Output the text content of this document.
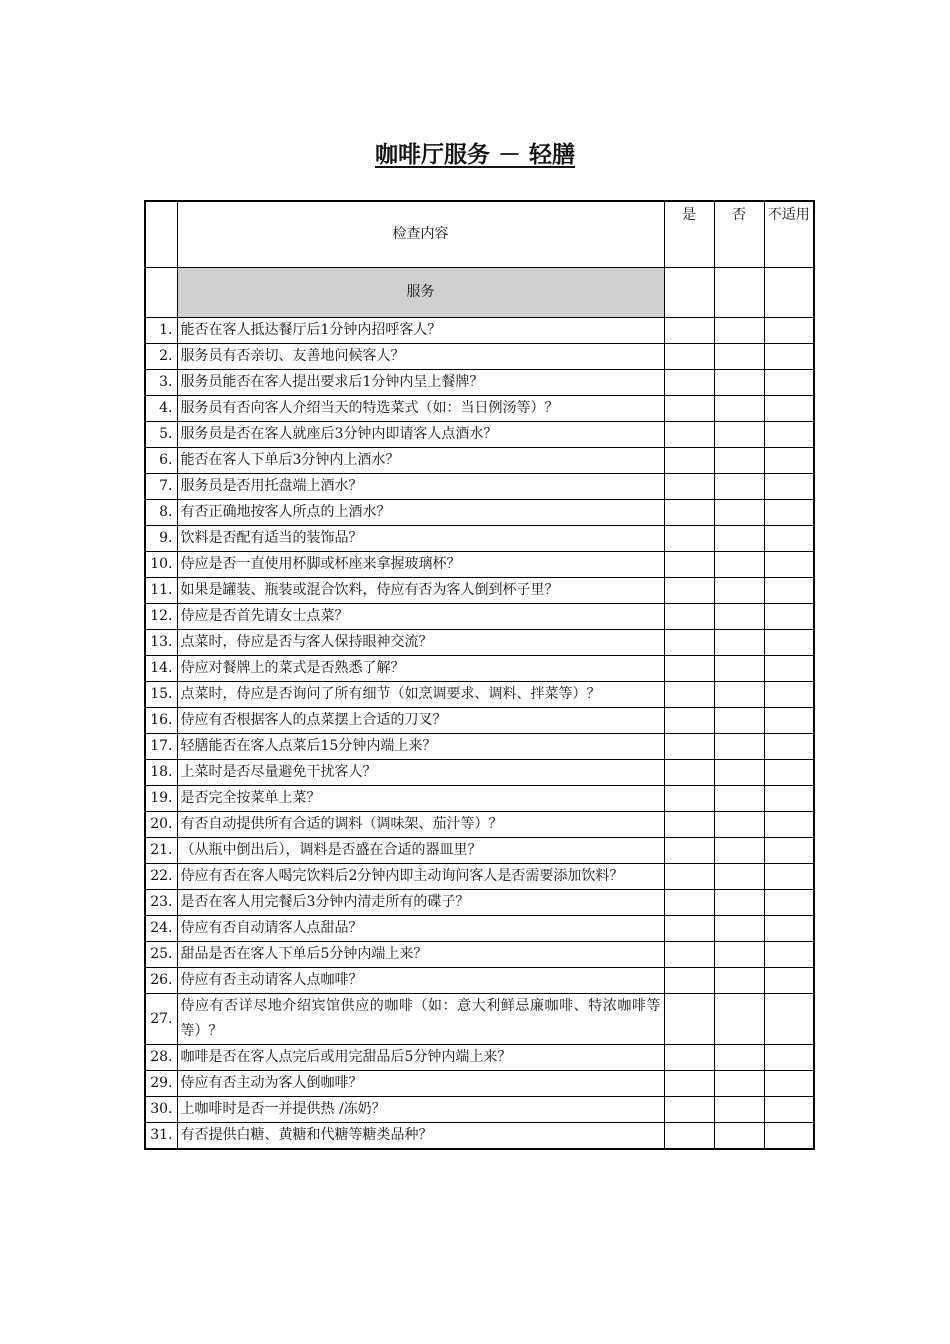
咖啡厅服务 － 轻膳
	检查内容	是	否	不适用
	服务			
1.	能否在客人抵达餐厅后1分钟内招呼客人？			
2.	服务员有否亲切、友善地问候客人？			
3.	服务员能否在客人提出要求后1分钟内呈上餐牌？			
4.	服务员有否向客人介绍当天的特选菜式（如：当日例汤等）？			
5.	服务员是否在客人就座后3分钟内即请客人点酒水？			
6.	能否在客人下单后3分钟内上酒水？			
7.	服务员是否用托盘端上酒水？			
8.	有否正确地按客人所点的上酒水？			
9.	饮料是否配有适当的装饰品？			
10.	侍应是否一直使用杯脚或杯座来拿握玻璃杯？			
11.	如果是罐装、瓶装或混合饮料，侍应有否为客人倒到杯子里？			
12.	侍应是否首先请女士点菜？			
13.	点菜时，侍应是否与客人保持眼神交流？			
14.	侍应对餐牌上的菜式是否熟悉了解？			
15.	点菜时，侍应是否询问了所有细节（如烹调要求、调料、拌菜等）？			
16.	侍应有否根据客人的点菜摆上合适的刀叉？			
17.	轻膳能否在客人点菜后15分钟内端上来？			
18.	上菜时是否尽量避免干扰客人？			
19.	是否完全按菜单上菜？			
20.	有否自动提供所有合适的调料（调味架、茄汁等）？			
21.	（从瓶中倒出后），调料是否盛在合适的器皿里？			
22.	侍应有否在客人喝完饮料后2分钟内即主动询问客人是否需要添加饮料？			
23.	是否在客人用完餐后3分钟内清走所有的碟子？			
24.	侍应有否自动请客人点甜品？			
25.	甜品是否在客人下单后5分钟内端上来？			
26.	侍应有否主动请客人点咖啡？			
27.	侍应有否详尽地介绍宾馆供应的咖啡（如：意大利鲜忌廉咖啡、特浓咖啡等等）？			
28.	咖啡是否在客人点完后或用完甜品后5分钟内端上来？			
29.	侍应有否主动为客人倒咖啡？			
30.	上咖啡时是否一并提供热 /冻奶？			
31.	有否提供白糖、黄糖和代糖等糖类品种？			
